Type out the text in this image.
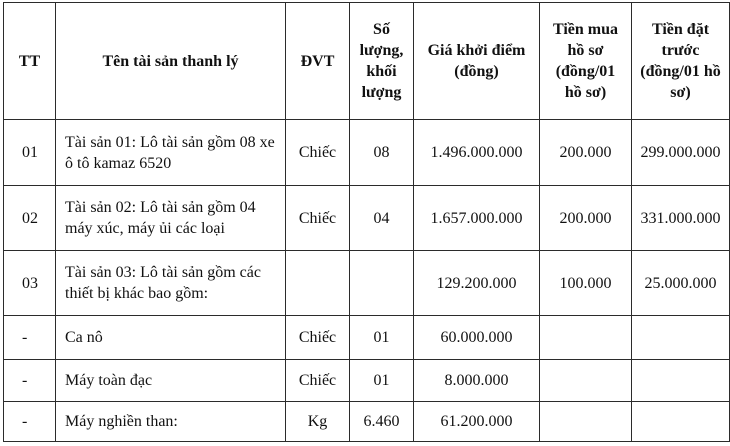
TT	Tên tài sản thanh lý	ĐVT	Số lượng, khối lượng	Giá khởi điểm (đồng)	Tiền mua hồ sơ (đồng/01 hồ sơ)	Tiền đặt trước (đồng/01 hồ sơ)
01	Tài sản 01: Lô tài sản gồm 08 xe ô tô kamaz 6520	Chiếc	08	1.496.000.000	200.000	299.000.000
02	Tài sản 02: Lô tài sản gồm 04 máy xúc, máy ủi các loại	Chiếc	04	1.657.000.000	200.000	331.000.000
03	Tài sản 03: Lô tài sản gồm các thiết bị khác bao gồm:			129.200.000	100.000	25.000.000
-	Ca nô	Chiếc	01	60.000.000		
-	Máy toàn đạc	Chiếc	01	8.000.000		
-	Máy nghiền than:	Kg	6.460	61.200.000		
